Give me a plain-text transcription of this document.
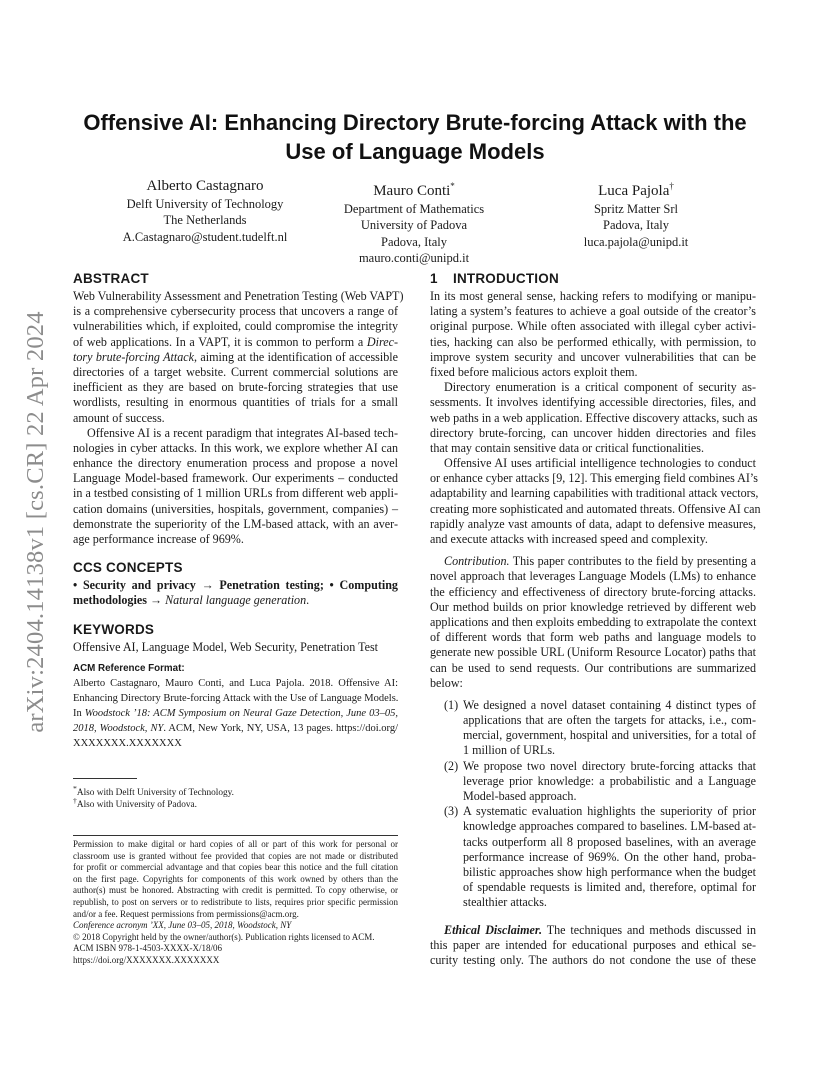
arXiv:2404.14138v1 [cs.CR] 22 Apr 2024
Offensive AI: Enhancing Directory Brute-forcing Attack with the
Use of Language Models
Alberto Castagnaro
Delft University of Technology
The Netherlands
A.Castagnaro@student.tudelft.nl
Mauro Conti*
Department of Mathematics
University of Padova
Padova, Italy
mauro.conti@unipd.it
Luca Pajola†
Spritz Matter Srl
Padova, Italy
luca.pajola@unipd.it
ABSTRACT
Web Vulnerability Assessment and Penetration Testing (Web VAPT)
is a comprehensive cybersecurity process that uncovers a range of
vulnerabilities which, if exploited, could compromise the integrity
of web applications. In a VAPT, it is common to perform a Direc-
tory brute-forcing Attack, aiming at the identification of accessible
directories of a target website. Current commercial solutions are
inefficient as they are based on brute-forcing strategies that use
wordlists, resulting in enormous quantities of trials for a small
amount of success.
Offensive AI is a recent paradigm that integrates AI-based tech-
nologies in cyber attacks. In this work, we explore whether AI can
enhance the directory enumeration process and propose a novel
Language Model-based framework. Our experiments – conducted
in a testbed consisting of 1 million URLs from different web appli-
cation domains (universities, hospitals, government, companies) –
demonstrate the superiority of the LM-based attack, with an aver-
age performance increase of 969%.
CCS CONCEPTS
• Security and privacy → Penetration testing; • Computing
methodologies → Natural language generation.
KEYWORDS
Offensive AI, Language Model, Web Security, Penetration Test
ACM Reference Format:
Alberto Castagnaro, Mauro Conti, and Luca Pajola. 2018. Offensive AI:
Enhancing Directory Brute-forcing Attack with the Use of Language Models.
In Woodstock ’18: ACM Symposium on Neural Gaze Detection, June 03–05,
2018, Woodstock, NY. ACM, New York, NY, USA, 13 pages. https://doi.org/
XXXXXXX.XXXXXXX
*Also with Delft University of Technology.
†Also with University of Padova.
Permission to make digital or hard copies of all or part of this work for personal or
classroom use is granted without fee provided that copies are not made or distributed
for profit or commercial advantage and that copies bear this notice and the full citation
on the first page. Copyrights for components of this work owned by others than the
author(s) must be honored. Abstracting with credit is permitted. To copy otherwise, or
republish, to post on servers or to redistribute to lists, requires prior specific permission
and/or a fee. Request permissions from permissions@acm.org.
Conference acronym ’XX, June 03–05, 2018, Woodstock, NY
© 2018 Copyright held by the owner/author(s). Publication rights licensed to ACM.
ACM ISBN 978-1-4503-XXXX-X/18/06
https://doi.org/XXXXXXX.XXXXXXX
1 INTRODUCTION
In its most general sense, hacking refers to modifying or manipu-
lating a system’s features to achieve a goal outside of the creator’s
original purpose. While often associated with illegal cyber activi-
ties, hacking can also be performed ethically, with permission, to
improve system security and uncover vulnerabilities that can be
fixed before malicious actors exploit them.
Directory enumeration is a critical component of security as-
sessments. It involves identifying accessible directories, files, and
web paths in a web application. Effective discovery attacks, such as
directory brute-forcing, can uncover hidden directories and files
that may contain sensitive data or critical functionalities.
Offensive AI uses artificial intelligence technologies to conduct
or enhance cyber attacks [9, 12]. This emerging field combines AI’s
adaptability and learning capabilities with traditional attack vectors,
creating more sophisticated and automated threats. Offensive AI can
rapidly analyze vast amounts of data, adapt to defensive measures,
and execute attacks with increased speed and complexity.
Contribution. This paper contributes to the field by presenting a
novel approach that leverages Language Models (LMs) to enhance
the efficiency and effectiveness of directory brute-forcing attacks.
Our method builds on prior knowledge retrieved by different web
applications and then exploits embedding to extrapolate the context
of different words that form web paths and language models to
generate new possible URL (Uniform Resource Locator) paths that
can be used to send requests. Our contributions are summarized
below:
(1) We designed a novel dataset containing 4 distinct types of
applications that are often the targets for attacks, i.e., com-
mercial, government, hospital and universities, for a total of
1 million of URLs.
(2) We propose two novel directory brute-forcing attacks that
leverage prior knowledge: a probabilistic and a Language
Model-based approach.
(3) A systematic evaluation highlights the superiority of prior
knowledge approaches compared to baselines. LM-based at-
tacks outperform all 8 proposed baselines, with an average
performance increase of 969%. On the other hand, proba-
bilistic approaches show high performance when the budget
of spendable requests is limited and, therefore, optimal for
stealthier attacks.
Ethical Disclaimer. The techniques and methods discussed in
this paper are intended for educational purposes and ethical se-
curity testing only. The authors do not condone the use of these
